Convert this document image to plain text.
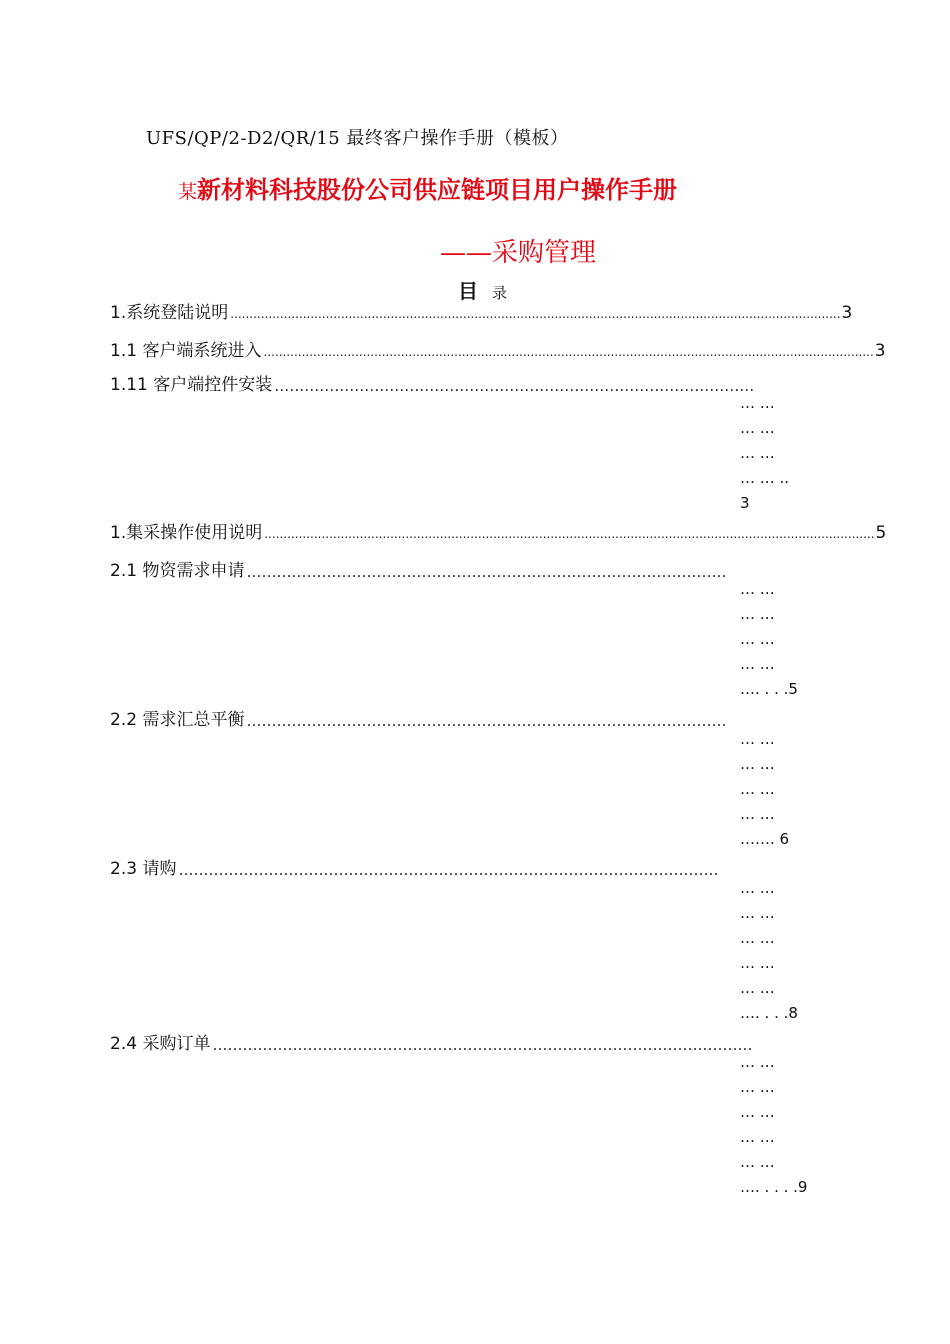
UFS/QP/2-D2/QR/15 最终客户操作手册（模板）
某新材料科技股份公司供应链项目用户操作手册
——采购管理
目 录
1.系统登陆说明 ................................................................................................................................................................ 3
1.1 客户端系统进入 ................................................................................................................................................................ 3
1.11 客户端控件安装 ……………………………………………………………………………………
… …
… …
… …
… … ..
3
1.集采操作使用说明 ................................................................................................................................................................ 5
2.1 物资需求申请 ……………………………………………………………………………………
… …
… …
… …
… …
…. . . .5
2.2 需求汇总平衡 ……………………………………………………………………………………
… …
… …
… …
… …
……. 6
2.3 请购 ………………………………………………………………………………………………
… …
… …
… …
… …
… …
…. . . .8
2.4 采购订单 ………………………………………………………………………………………………
… …
… …
… …
… …
… …
…. . . . .9
